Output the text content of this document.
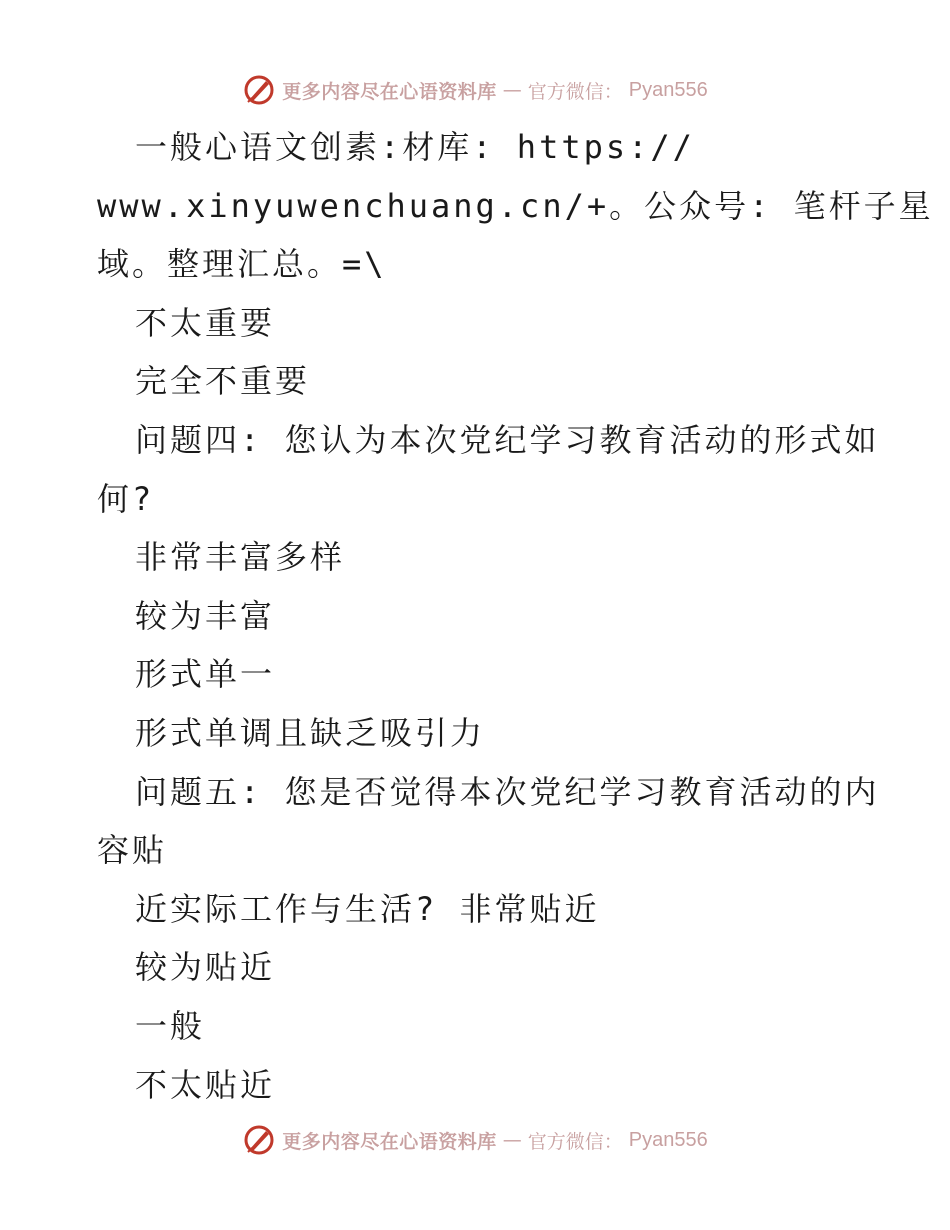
更多内容尽在心语资料库 — 官方微信： Pyan556
一般心语文创素:材库: https://
www.xinyuwenchuang.cn/+。公众号: 笔杆子星
域。整理汇总。=\
不太重要
完全不重要
问题四: 您认为本次党纪学习教育活动的形式如
何?
非常丰富多样
较为丰富
形式单一
形式单调且缺乏吸引力
问题五: 您是否觉得本次党纪学习教育活动的内
容贴
近实际工作与生活? 非常贴近
较为贴近
一般
不太贴近
更多内容尽在心语资料库 — 官方微信： Pyan556
